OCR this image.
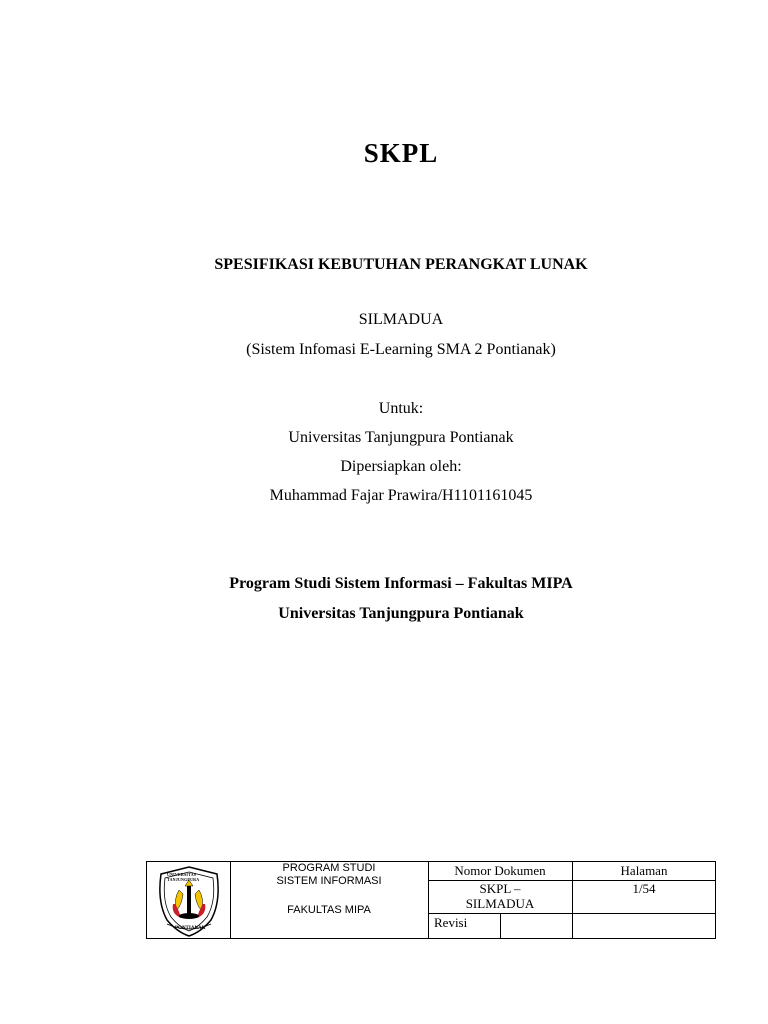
SKPL
SPESIFIKASI KEBUTUHAN PERANGKAT LUNAK
SILMADUA
(Sistem Infomasi E-Learning SMA 2 Pontianak)
Untuk:
Universitas Tanjungpura Pontianak
Dipersiapkan oleh:
Muhammad Fajar Prawira/H1101161045
Program Studi Sistem Informasi – Fakultas MIPA
Universitas Tanjungpura Pontianak
UNIVERSITAS TANJUNGPURA
PONTIANAK
PROGRAM STUDI
SISTEM INFORMASI
FAKULTAS MIPA
Nomor Dokumen
SKPL –
SILMADUA
Revisi
Halaman
1/54
